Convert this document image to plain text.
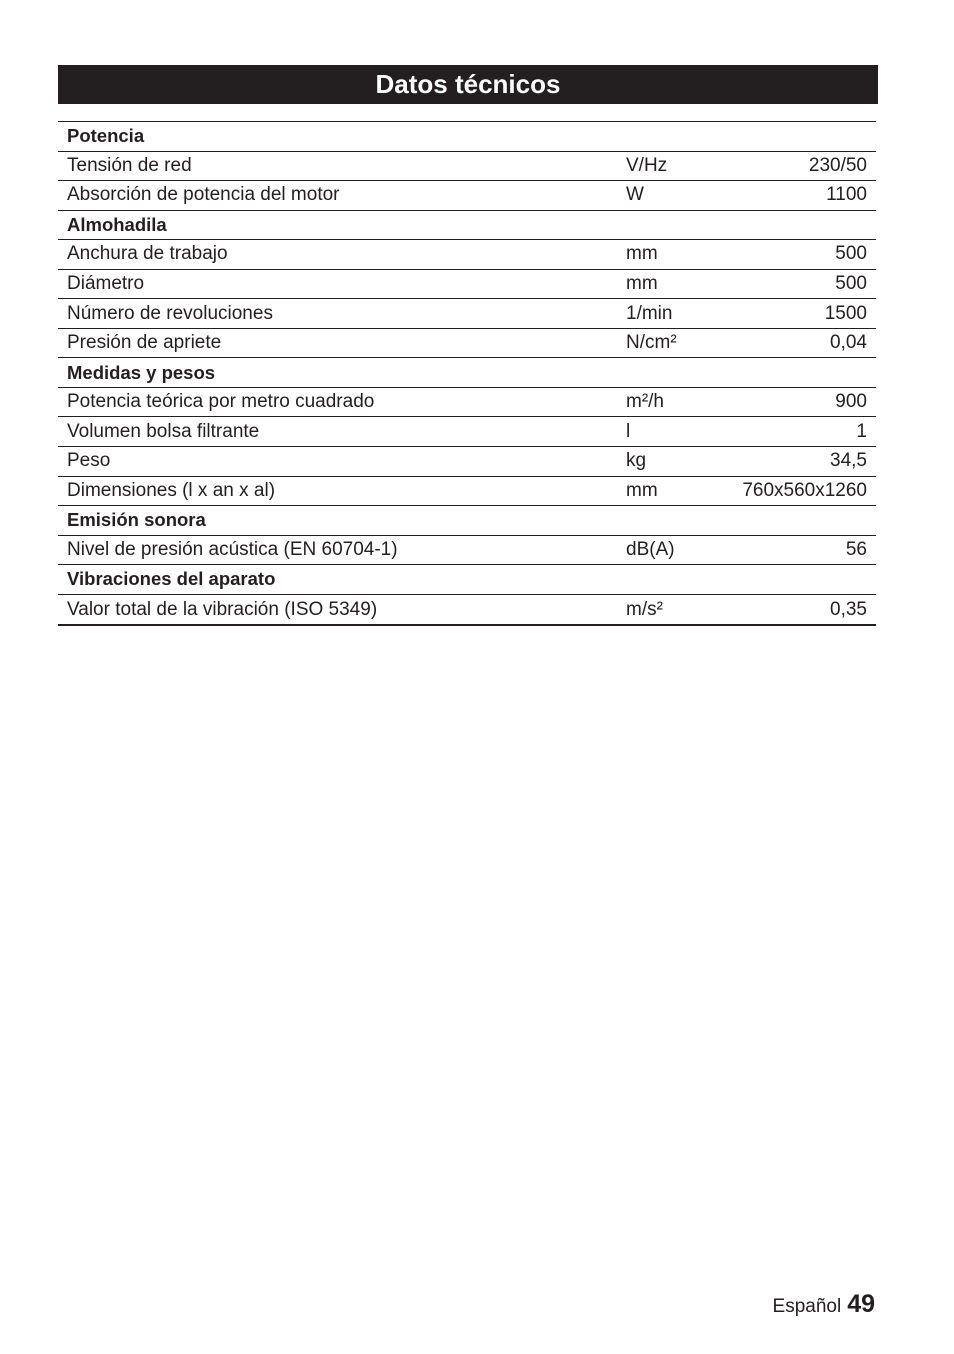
Datos técnicos
Potencia
Tensión de red	V/Hz	230/50
Absorción de potencia del motor	W	1100
Almohadila
Anchura de trabajo	mm	500
Diámetro	mm	500
Número de revoluciones	1/min	1500
Presión de apriete	N/cm²	0,04
Medidas y pesos
Potencia teórica por metro cuadrado	m²/h	900
Volumen bolsa filtrante	l	1
Peso	kg	34,5
Dimensiones (l x an x al)	mm	760x560x1260
Emisión sonora
Nivel de presión acústica (EN 60704-1)	dB(A)	56
Vibraciones del aparato
Valor total de la vibración (ISO 5349)	m/s²	0,35
Español 49
